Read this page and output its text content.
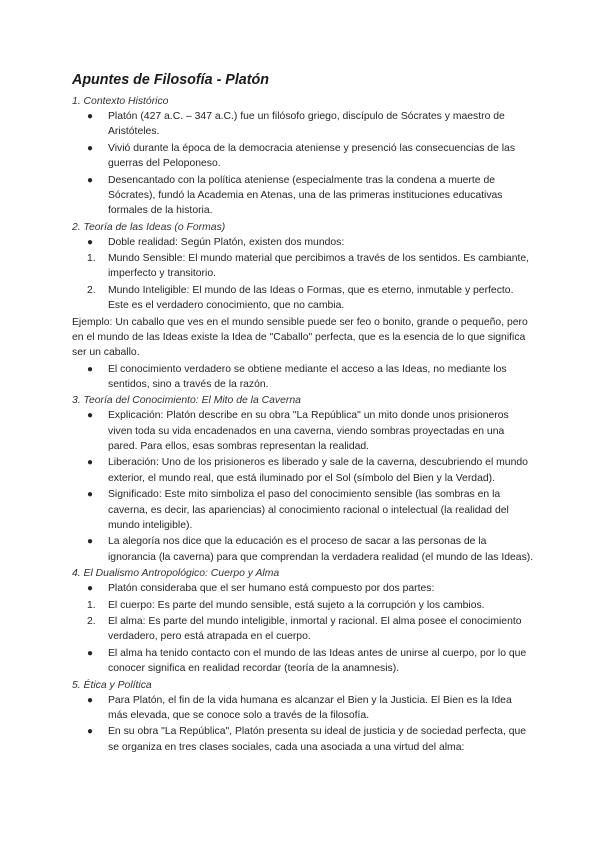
Apuntes de Filosofía - Platón
1. Contexto Histórico
● Platón (427 a.C. – 347 a.C.) fue un filósofo griego, discípulo de Sócrates y maestro de Aristóteles.
● Vivió durante la época de la democracia ateniense y presenció las consecuencias de las guerras del Peloponeso.
● Desencantado con la política ateniense (especialmente tras la condena a muerte de Sócrates), fundó la Academia en Atenas, una de las primeras instituciones educativas formales de la historia.
2. Teoría de las Ideas (o Formas)
● Doble realidad: Según Platón, existen dos mundos:
1. Mundo Sensible: El mundo material que percibimos a través de los sentidos. Es cambiante, imperfecto y transitorio.
2. Mundo Inteligible: El mundo de las Ideas o Formas, que es eterno, inmutable y perfecto. Este es el verdadero conocimiento, que no cambia.

Ejemplo: Un caballo que ves en el mundo sensible puede ser feo o bonito, grande o pequeño, pero en el mundo de las Ideas existe la Idea de "Caballo" perfecta, que es la esencia de lo que significa ser un caballo.

● El conocimiento verdadero se obtiene mediante el acceso a las Ideas, no mediante los sentidos, sino a través de la razón.
3. Teoría del Conocimiento: El Mito de la Caverna
● Explicación: Platón describe en su obra "La República" un mito donde unos prisioneros viven toda su vida encadenados en una caverna, viendo sombras proyectadas en una pared. Para ellos, esas sombras representan la realidad.
● Liberación: Uno de los prisioneros es liberado y sale de la caverna, descubriendo el mundo exterior, el mundo real, que está iluminado por el Sol (símbolo del Bien y la Verdad).
● Significado: Este mito simboliza el paso del conocimiento sensible (las sombras en la caverna, es decir, las apariencias) al conocimiento racional o intelectual (la realidad del mundo inteligible).
● La alegoría nos dice que la educación es el proceso de sacar a las personas de la ignorancia (la caverna) para que comprendan la verdadera realidad (el mundo de las Ideas).
4. El Dualismo Antropológico: Cuerpo y Alma
● Platón consideraba que el ser humano está compuesto por dos partes:
1. El cuerpo: Es parte del mundo sensible, está sujeto a la corrupción y los cambios.
2. El alma: Es parte del mundo inteligible, inmortal y racional. El alma posee el conocimiento verdadero, pero está atrapada en el cuerpo.
● El alma ha tenido contacto con el mundo de las Ideas antes de unirse al cuerpo, por lo que conocer significa en realidad recordar (teoría de la anamnesis).
5. Ética y Política
● Para Platón, el fin de la vida humana es alcanzar el Bien y la Justicia. El Bien es la Idea más elevada, que se conoce solo a través de la filosofía.
● En su obra "La República", Platón presenta su ideal de justicia y de sociedad perfecta, que se organiza en tres clases sociales, cada una asociada a una virtud del alma:
